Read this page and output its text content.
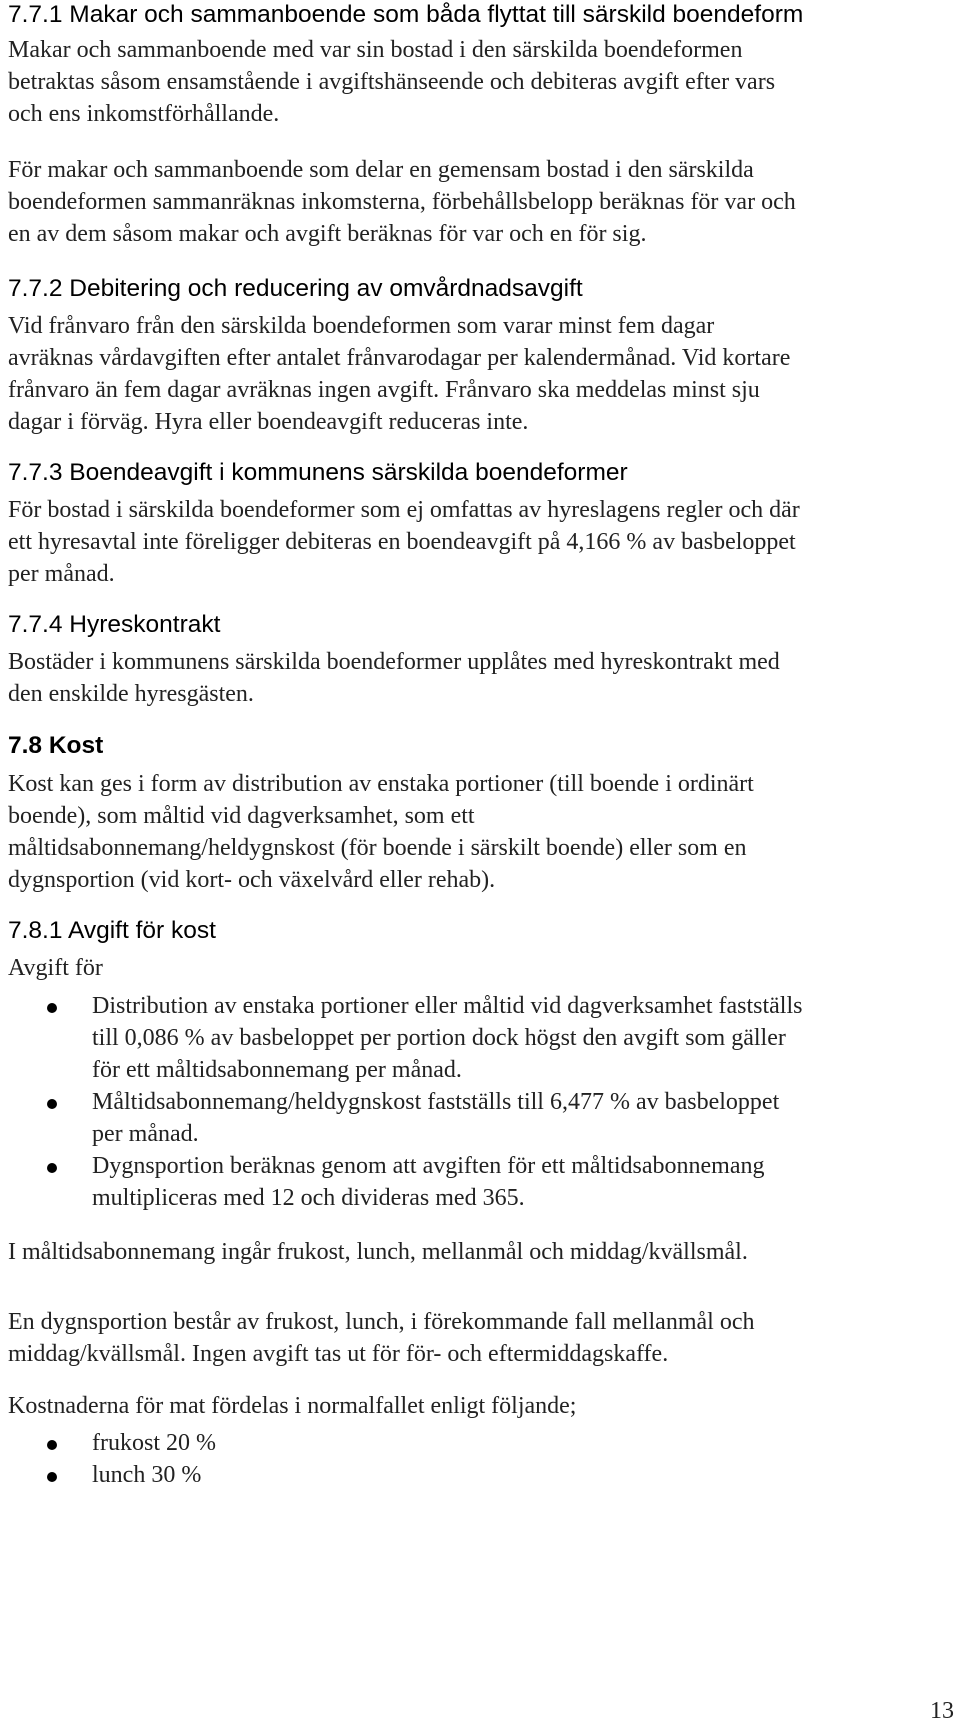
7.7.1 Makar och sammanboende som båda flyttat till särskild boendeform
Makar och sammanboende med var sin bostad i den särskilda boendeformen
betraktas såsom ensamstående i avgiftshänseende och debiteras avgift efter vars
och ens inkomstförhållande.
För makar och sammanboende som delar en gemensam bostad i den särskilda
boendeformen sammanräknas inkomsterna, förbehållsbelopp beräknas för var och
en av dem såsom makar och avgift beräknas för var och en för sig.
7.7.2 Debitering och reducering av omvårdnadsavgift
Vid frånvaro från den särskilda boendeformen som varar minst fem dagar
avräknas vårdavgiften efter antalet frånvarodagar per kalendermånad. Vid kortare
frånvaro än fem dagar avräknas ingen avgift. Frånvaro ska meddelas minst sju
dagar i förväg. Hyra eller boendeavgift reduceras inte.
7.7.3 Boendeavgift i kommunens särskilda boendeformer
För bostad i särskilda boendeformer som ej omfattas av hyreslagens regler och där
ett hyresavtal inte föreligger debiteras en boendeavgift på 4,166 % av basbeloppet
per månad.
7.7.4 Hyreskontrakt
Bostäder i kommunens särskilda boendeformer upplåtes med hyreskontrakt med
den enskilde hyresgästen.
7.8 Kost
Kost kan ges i form av distribution av enstaka portioner (till boende i ordinärt
boende), som måltid vid dagverksamhet, som ett
måltidsabonnemang/heldygnskost (för boende i särskilt boende) eller som en
dygnsportion (vid kort- och växelvård eller rehab).
7.8.1 Avgift för kost
Avgift för
Distribution av enstaka portioner eller måltid vid dagverksamhet fastställs
till 0,086 % av basbeloppet per portion dock högst den avgift som gäller
för ett måltidsabonnemang per månad.
Måltidsabonnemang/heldygnskost fastställs till 6,477 % av basbeloppet
per månad.
Dygnsportion beräknas genom att avgiften för ett måltidsabonnemang
multipliceras med 12 och divideras med 365.
I måltidsabonnemang ingår frukost, lunch, mellanmål och middag/kvällsmål.
En dygnsportion består av frukost, lunch, i förekommande fall mellanmål och
middag/kvällsmål. Ingen avgift tas ut för för- och eftermiddagskaffe.
Kostnaderna för mat fördelas i normalfallet enligt följande;
frukost 20 %
lunch 30 %
13
